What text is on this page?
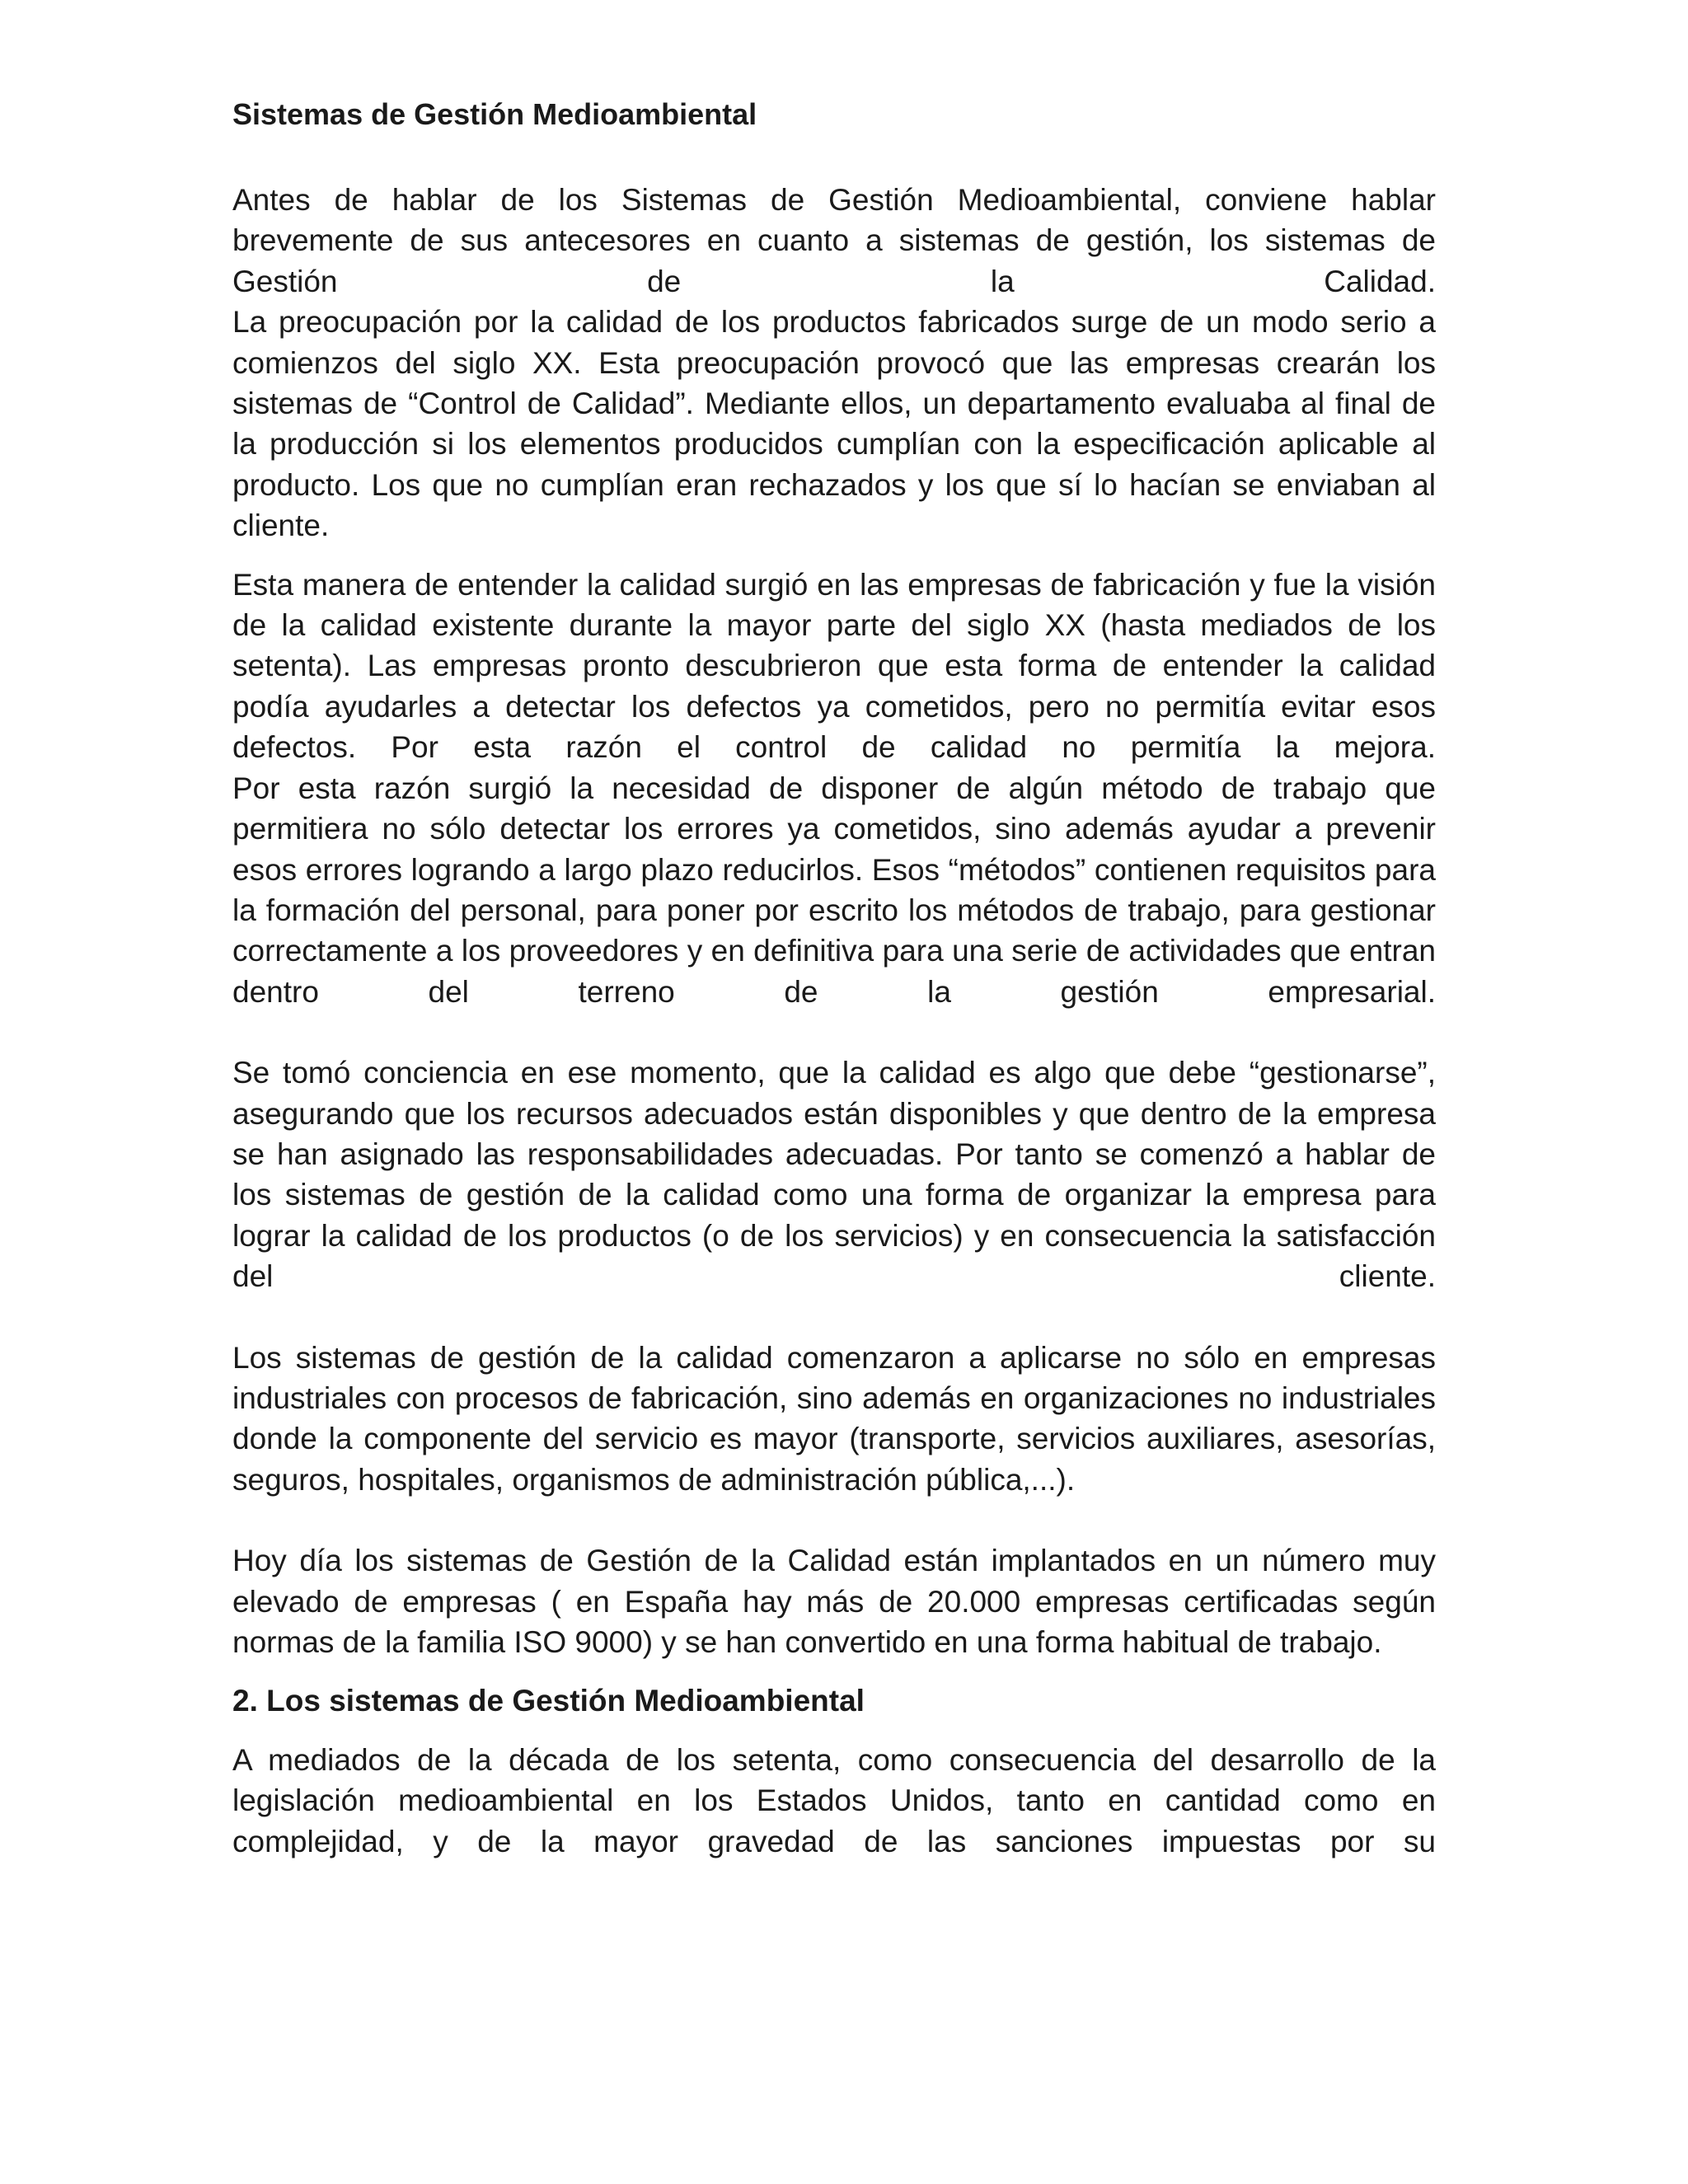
Sistemas de Gestión Medioambiental

Antes de hablar de los Sistemas de Gestión Medioambiental, conviene hablar brevemente de sus antecesores en cuanto a sistemas de gestión, los sistemas de Gestión de la Calidad.

La preocupación por la calidad de los productos fabricados surge de un modo serio a comienzos del siglo XX. Esta preocupación provocó que las empresas crearán los sistemas de “Control de Calidad”. Mediante ellos, un departamento evaluaba al final de la producción si los elementos producidos cumplían con la especificación aplicable al producto. Los que no cumplían eran rechazados y los que sí lo hacían se enviaban al cliente.

Esta manera de entender la calidad surgió en las empresas de fabricación y fue la visión de la calidad existente durante la mayor parte del siglo XX (hasta mediados de los setenta). Las empresas pronto descubrieron que esta forma de entender la calidad podía ayudarles a detectar los defectos ya cometidos, pero no permitía evitar esos defectos. Por esta razón el control de calidad no permitía la mejora.

Por esta razón surgió la necesidad de disponer de algún método de trabajo que permitiera no sólo detectar los errores ya cometidos, sino además ayudar a prevenir esos errores logrando a largo plazo reducirlos. Esos “métodos” contienen requisitos para la formación del personal, para poner por escrito los métodos de trabajo, para gestionar correctamente a los proveedores y en definitiva para una serie de actividades que entran dentro del terreno de la gestión empresarial.

Se tomó conciencia en ese momento, que la calidad es algo que debe “gestionarse”, asegurando que los recursos adecuados están disponibles y que dentro de la empresa se han asignado las responsabilidades adecuadas. Por tanto se comenzó a hablar de los sistemas de gestión de la calidad como una forma de organizar la empresa para lograr la calidad de los productos (o de los servicios) y en consecuencia la satisfacción del cliente.

Los sistemas de gestión de la calidad comenzaron a aplicarse no sólo en empresas industriales con procesos de fabricación, sino además en organizaciones no industriales donde la componente del servicio es mayor (transporte, servicios auxiliares, asesorías, seguros, hospitales, organismos de administración pública,...).

Hoy día los sistemas de Gestión de la Calidad están implantados en un número muy elevado de empresas ( en España hay más de 20.000 empresas certificadas según normas de la familia ISO 9000) y se han convertido en una forma habitual de trabajo.

2. Los sistemas de Gestión Medioambiental

A mediados de la década de los setenta, como consecuencia del desarrollo de la legislación medioambiental en los Estados Unidos, tanto en cantidad como en complejidad, y de la mayor gravedad de las sanciones impuestas por su
